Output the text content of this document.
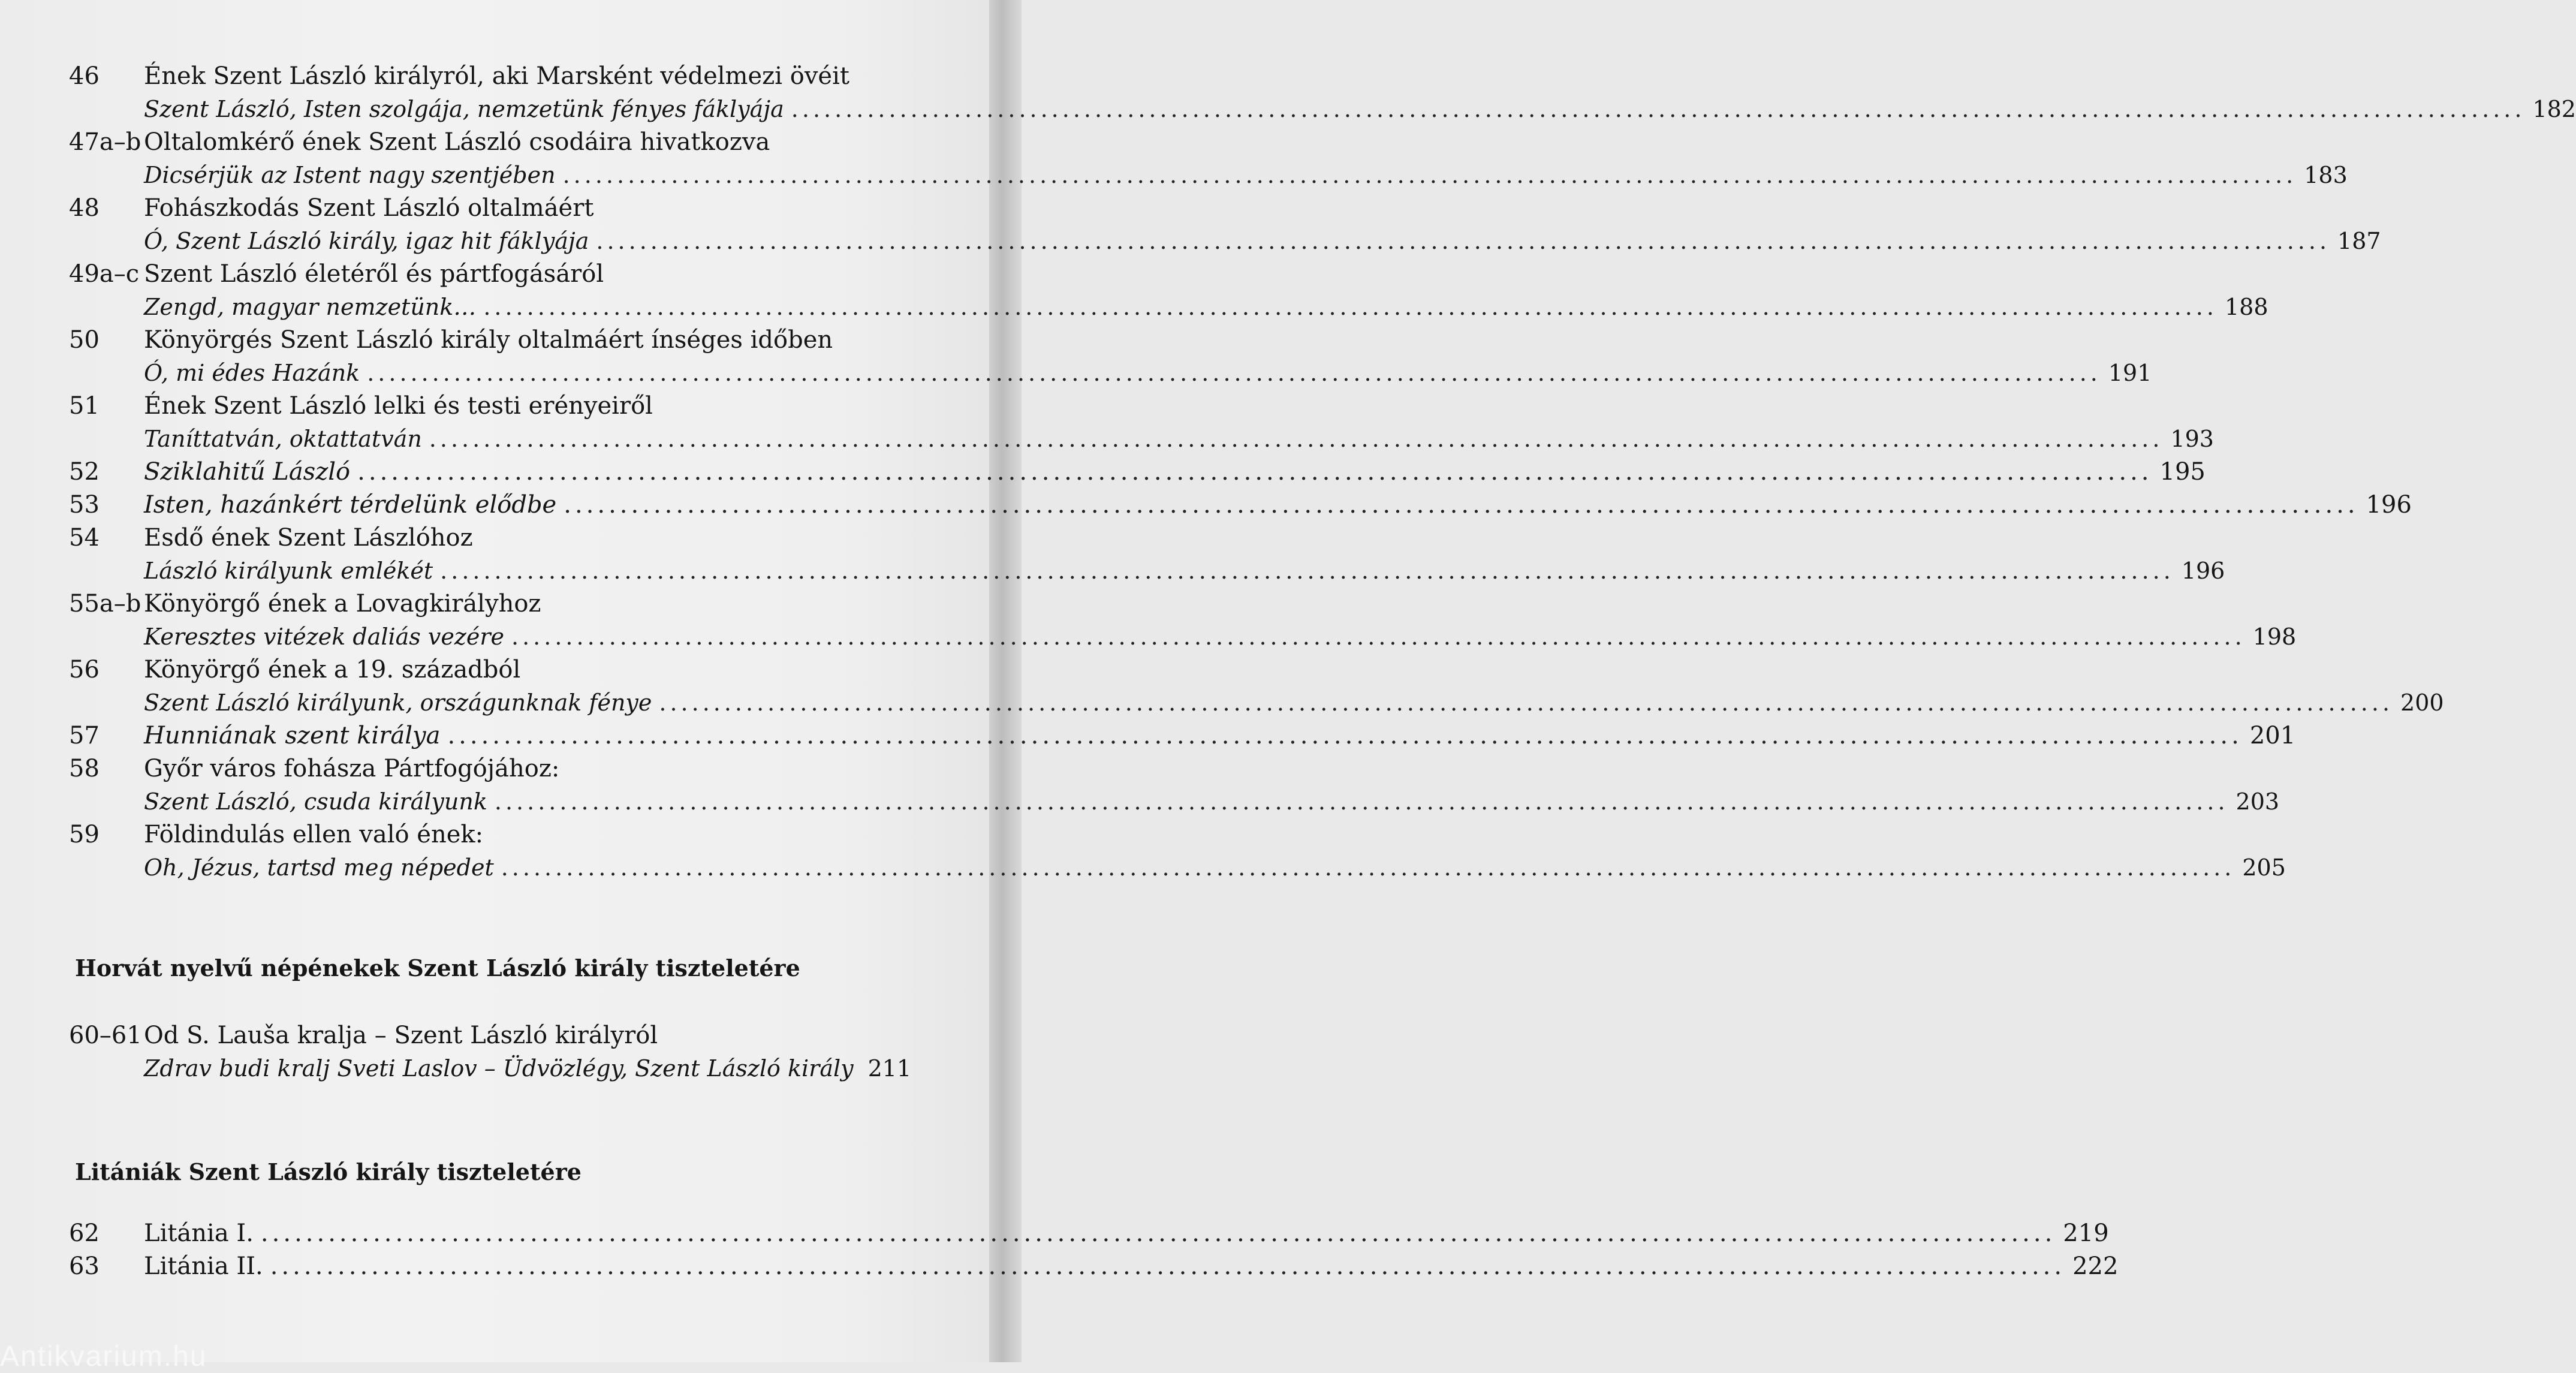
46	Ének Szent László királyról, aki Marsként védelmezi övéit
Szent László, Isten szolgája, nemzetünk fényes fáklyája ................................................................................................................................................................ 182
47a–b Oltalomkérő ének Szent László csodáira hivatkozva
Dicsérjük az Istent nagy szentjében ................................................................................................................................................................ 183
48	Fohászkodás Szent László oltalmáért
Ó, Szent László király, igaz hit fáklyája ................................................................................................................................................................ 187
49a–c Szent László életéről és pártfogásáról
Zengd, magyar nemzetünk… ................................................................................................................................................................ 188
50	Könyörgés Szent László király oltalmáért ínséges időben
Ó, mi édes Hazánk ................................................................................................................................................................ 191
51	Ének Szent László lelki és testi erényeiről
Taníttatván, oktattatván ................................................................................................................................................................ 193
52	Sziklahitű László ................................................................................................................................................................ 195
53	Isten, hazánkért térdelünk elődbe ................................................................................................................................................................ 196
54	Esdő ének Szent Lászlóhoz
László királyunk emlékét ................................................................................................................................................................ 196
55a–b Könyörgő ének a Lovagkirályhoz
Keresztes vitézek daliás vezére ................................................................................................................................................................ 198
56	Könyörgő ének a 19. századból
Szent László királyunk, országunknak fénye ................................................................................................................................................................ 200
57	Hunniának szent királya ................................................................................................................................................................ 201
58	Győr város fohásza Pártfogójához:
Szent László, csuda királyunk ................................................................................................................................................................ 203
59	Földindulás ellen való ének:
Oh, Jézus, tartsd meg népedet ................................................................................................................................................................ 205
Horvát nyelvű népénekek Szent László király tiszteletére
60–61 Od S. Lauša kralja – Szent László királyról
Zdrav budi kralj Sveti Laslov – Üdvözlégy, Szent László király 211
Litániák Szent László király tiszteletére
62	Litánia I. ................................................................................................................................................................ 219
63	Litánia II. ................................................................................................................................................................ 222
Antikvarium.hu
